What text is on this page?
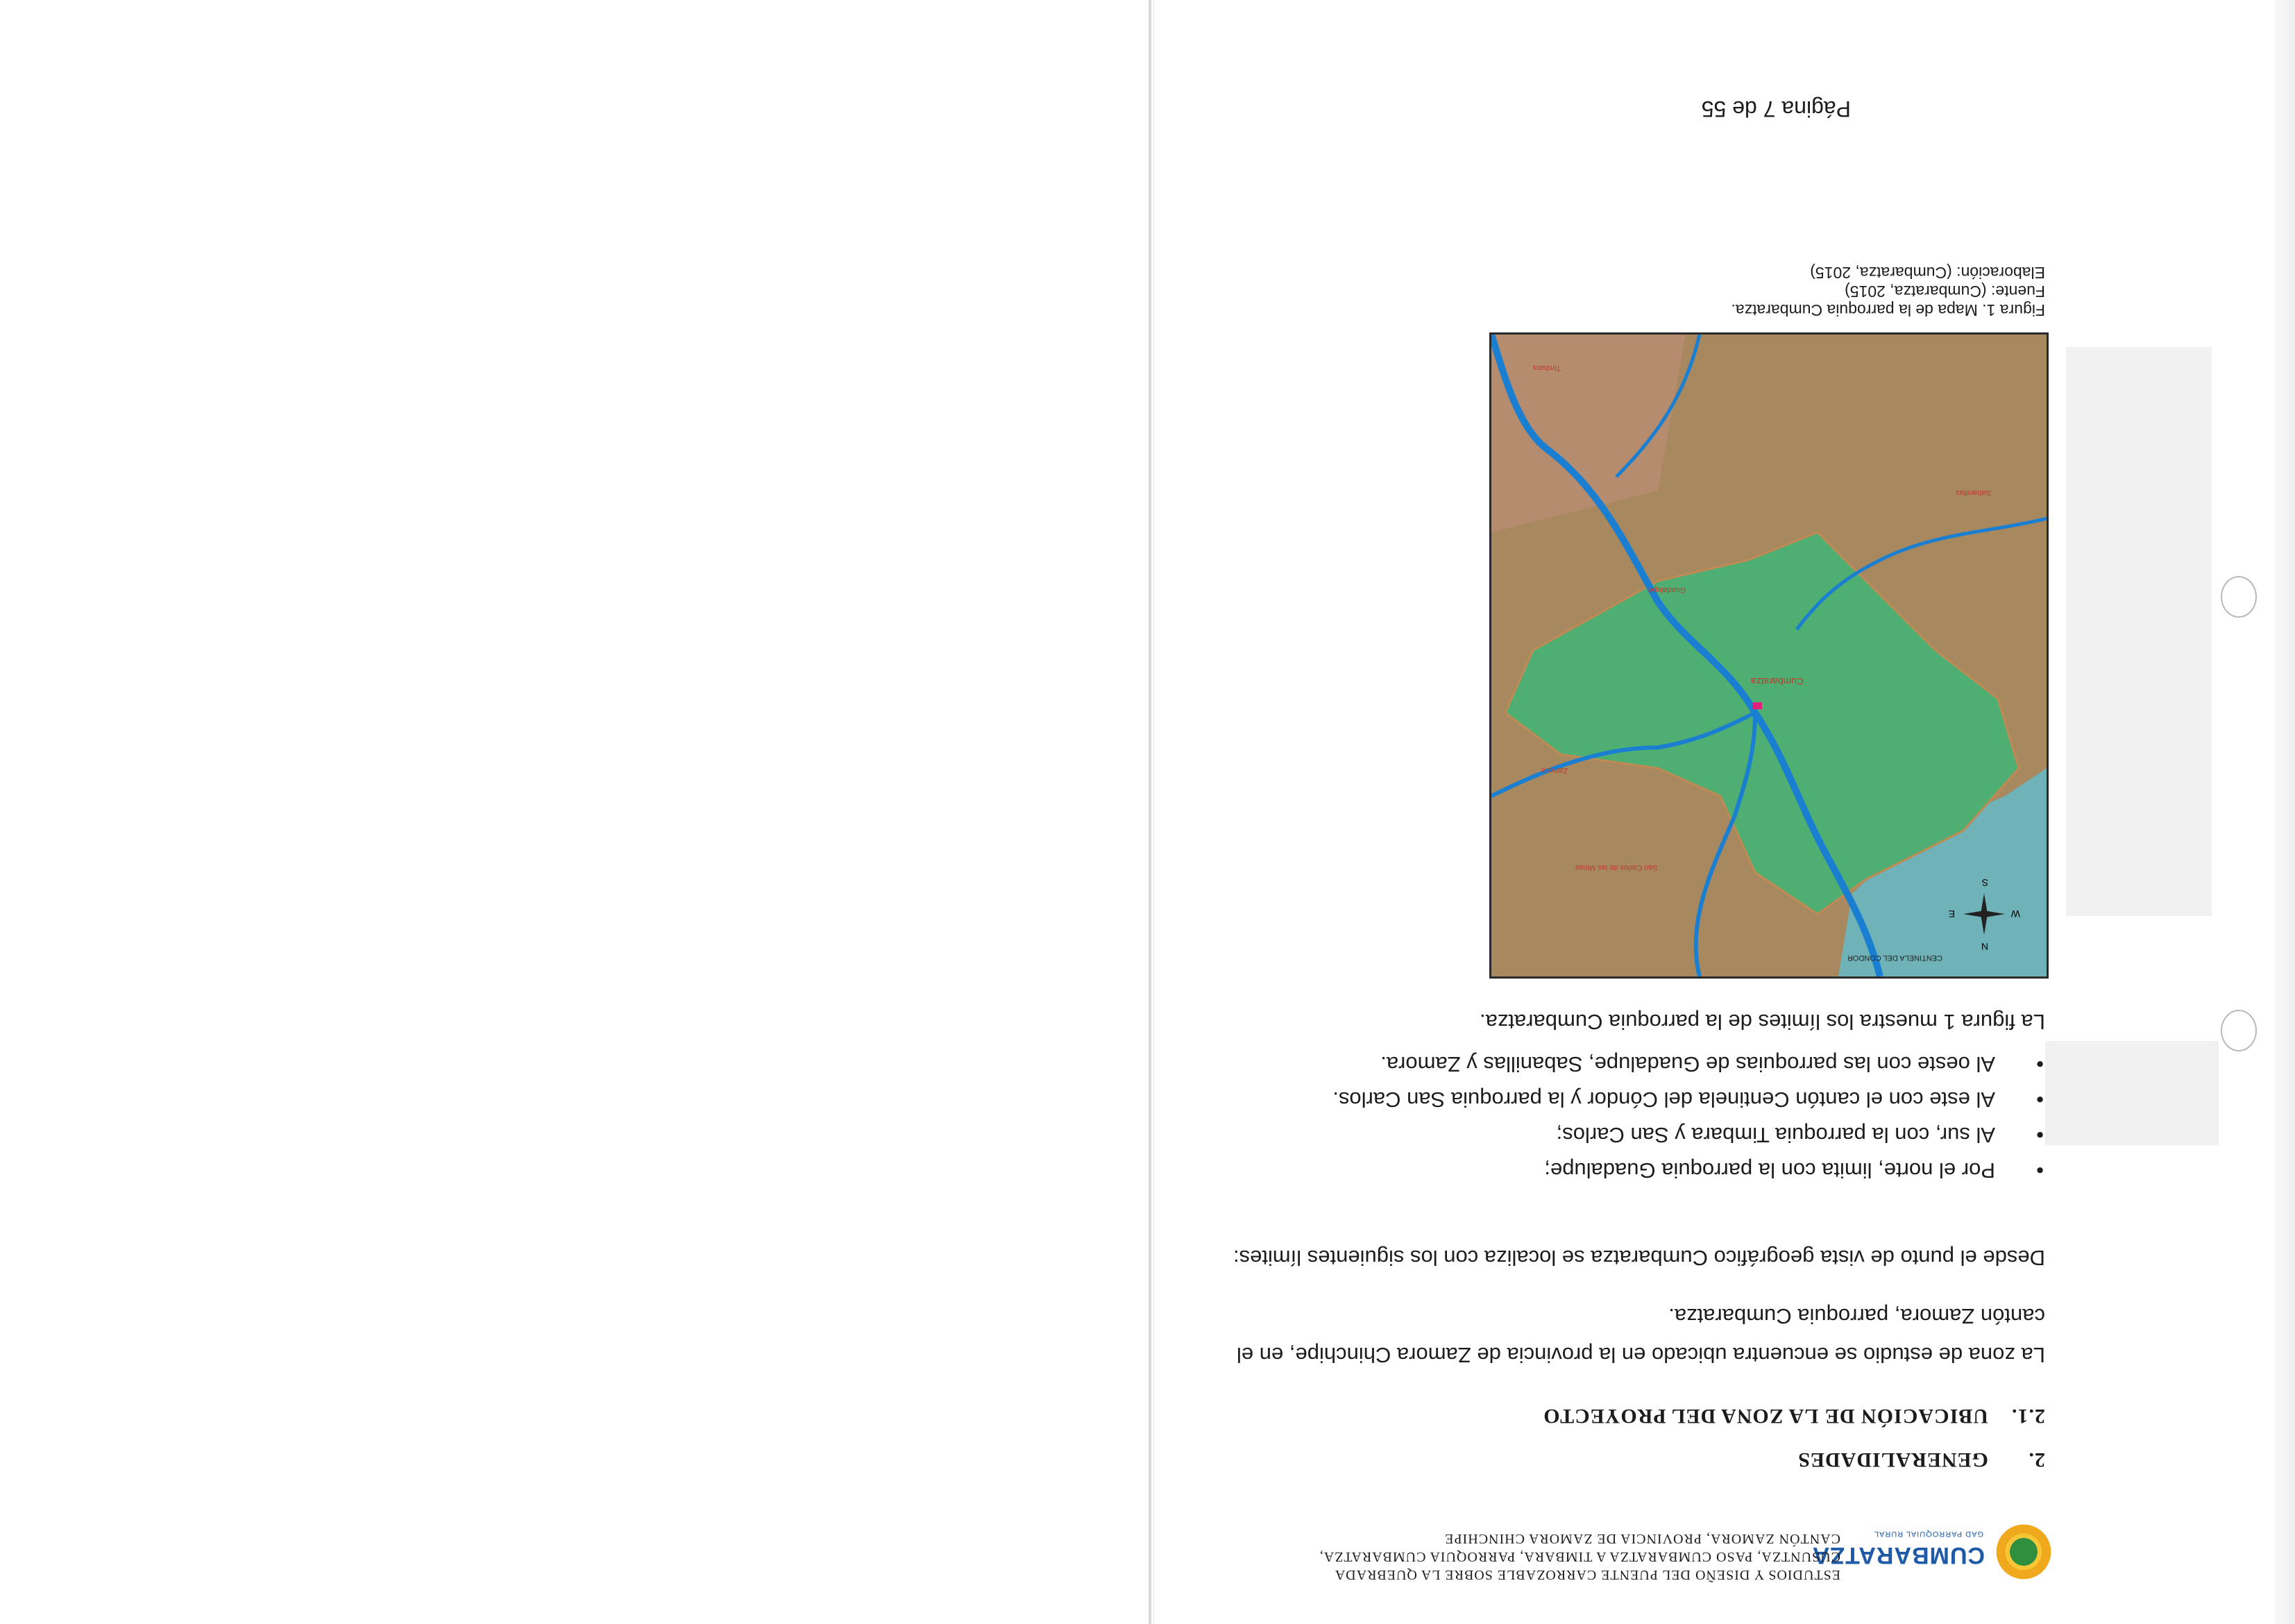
CUMBARATZA
GAD PARROQUIAL RURAL
ESTUDIOS Y DISEÑO DEL PUENTE CARROZABLE SOBRE LA QUEBRADA
CUSUNTZA, PASO CUMBARATZA A TIMBARA, PARROQUIA CUMBARATZA,
CANTÓN ZAMORA, PROVINCIA DE ZAMORA CHINCHIPE
2.GENERALIDADES
2.1.UBICACIÓN DE LA ZONA DEL PROYECTO
La zona de estudio se encuentra ubicado en la provincia de Zamora Chinchipe, en el cantón Zamora, parroquia Cumbaratza.
Desde el punto de vista geográfico Cumbaratza se localiza con los siguientes límites:
• Por el norte, limita con la parroquia Guadalupe;
• Al sur, con la parroquia Timbara y San Carlos;
• Al este con el cantón Centinela del Cóndor y la parroquia San Carlos.
• Al oeste con las parroquias de Guadalupe, Sabanillas y Zamora.
La figura 1 muestra los límites de la parroquia Cumbaratza.
N
S
E	W
Cumbaratza
CENTINELA DEL CONDOR
Guadalupe
Zamora
Timbara
San Carlos de las Minas
Sabanillas
Figura 1. Mapa de la parroquia Cumbaratza.
Fuente: (Cumbaratza, 2015)
Elaboración: (Cumbaratza, 2015)
Página 7 de 55
